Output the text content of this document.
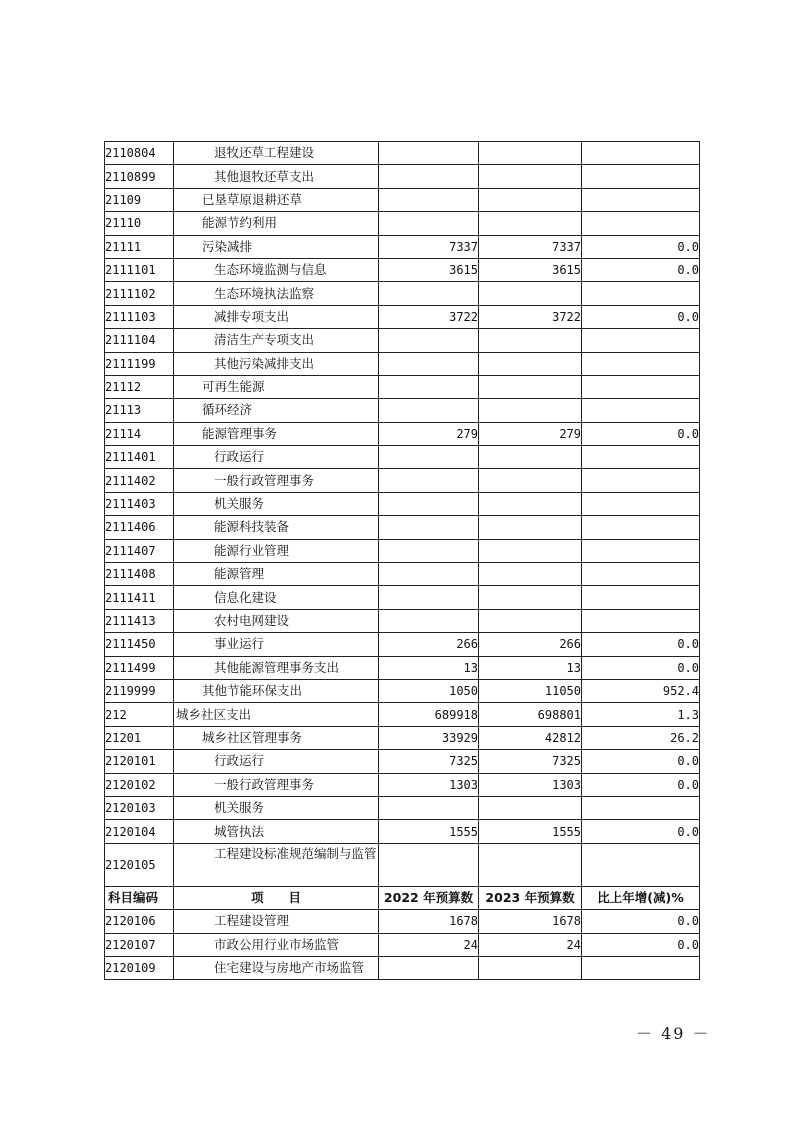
2110804	退牧还草工程建设			
2110899	其他退牧还草支出			
21109	已垦草原退耕还草			
21110	能源节约利用			
21111	污染减排	7337	7337	0.0
2111101	生态环境监测与信息	3615	3615	0.0
2111102	生态环境执法监察			
2111103	减排专项支出	3722	3722	0.0
2111104	清洁生产专项支出			
2111199	其他污染减排支出			
21112	可再生能源			
21113	循环经济			
21114	能源管理事务	279	279	0.0
2111401	行政运行			
2111402	一般行政管理事务			
2111403	机关服务			
2111406	能源科技装备			
2111407	能源行业管理			
2111408	能源管理			
2111411	信息化建设			
2111413	农村电网建设			
2111450	事业运行	266	266	0.0
2111499	其他能源管理事务支出	13	13	0.0
2119999	其他节能环保支出	1050	11050	952.4
212	城乡社区支出	689918	698801	1.3
21201	城乡社区管理事务	33929	42812	26.2
2120101	行政运行	7325	7325	0.0
2120102	一般行政管理事务	1303	1303	0.0
2120103	机关服务			
2120104	城管执法	1555	1555	0.0
2120105	工程建设标准规范编制与监管			
科目编码	项　　目	2022 年预算数	2023 年预算数	比上年增(减)%
2120106	工程建设管理	1678	1678	0.0
2120107	市政公用行业市场监管	24	24	0.0
2120109	住宅建设与房地产市场监管			
－ 49 －
